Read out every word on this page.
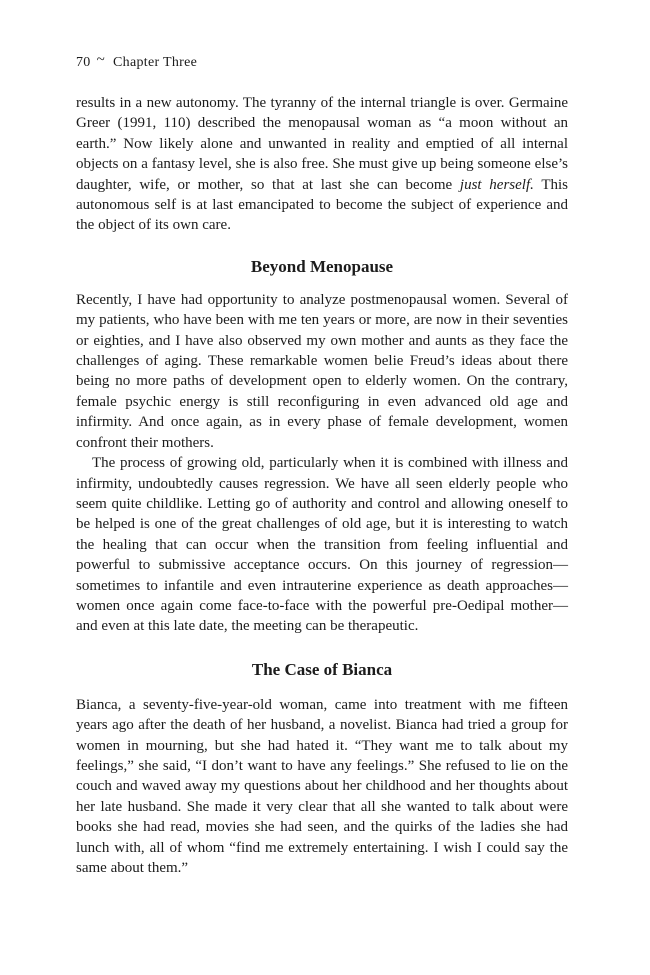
70 ~ Chapter Three

results in a new autonomy. The tyranny of the internal triangle is over. Germaine Greer (1991, 110) described the menopausal woman as “a moon without an earth.” Now likely alone and unwanted in reality and emptied of all internal objects on a fantasy level, she is also free. She must give up being someone else’s daughter, wife, or mother, so that at last she can become just herself. This autonomous self is at last emancipated to become the subject of experience and the object of its own care.

Beyond Menopause

Recently, I have had opportunity to analyze postmenopausal women. Several of my patients, who have been with me ten years or more, are now in their seventies or eighties, and I have also observed my own mother and aunts as they face the challenges of aging. These remarkable women belie Freud’s ideas about there being no more paths of development open to elderly women. On the contrary, female psychic energy is still reconfiguring in even advanced old age and infirmity. And once again, as in every phase of female development, women confront their mothers.

The process of growing old, particularly when it is combined with illness and infirmity, undoubtedly causes regression. We have all seen elderly people who seem quite childlike. Letting go of authority and control and allowing oneself to be helped is one of the great challenges of old age, but it is interesting to watch the healing that can occur when the transition from feeling influential and powerful to submissive acceptance occurs. On this journey of regression—sometimes to infantile and even intrauterine experience as death approaches—women once again come face-to-face with the powerful pre-Oedipal mother—and even at this late date, the meeting can be therapeutic.

The Case of Bianca

Bianca, a seventy-five-year-old woman, came into treatment with me fifteen years ago after the death of her husband, a novelist. Bianca had tried a group for women in mourning, but she had hated it. “They want me to talk about my feelings,” she said, “I don’t want to have any feelings.” She refused to lie on the couch and waved away my questions about her childhood and her thoughts about her late husband. She made it very clear that all she wanted to talk about were books she had read, movies she had seen, and the quirks of the ladies she had lunch with, all of whom “find me extremely entertaining. I wish I could say the same about them.”
